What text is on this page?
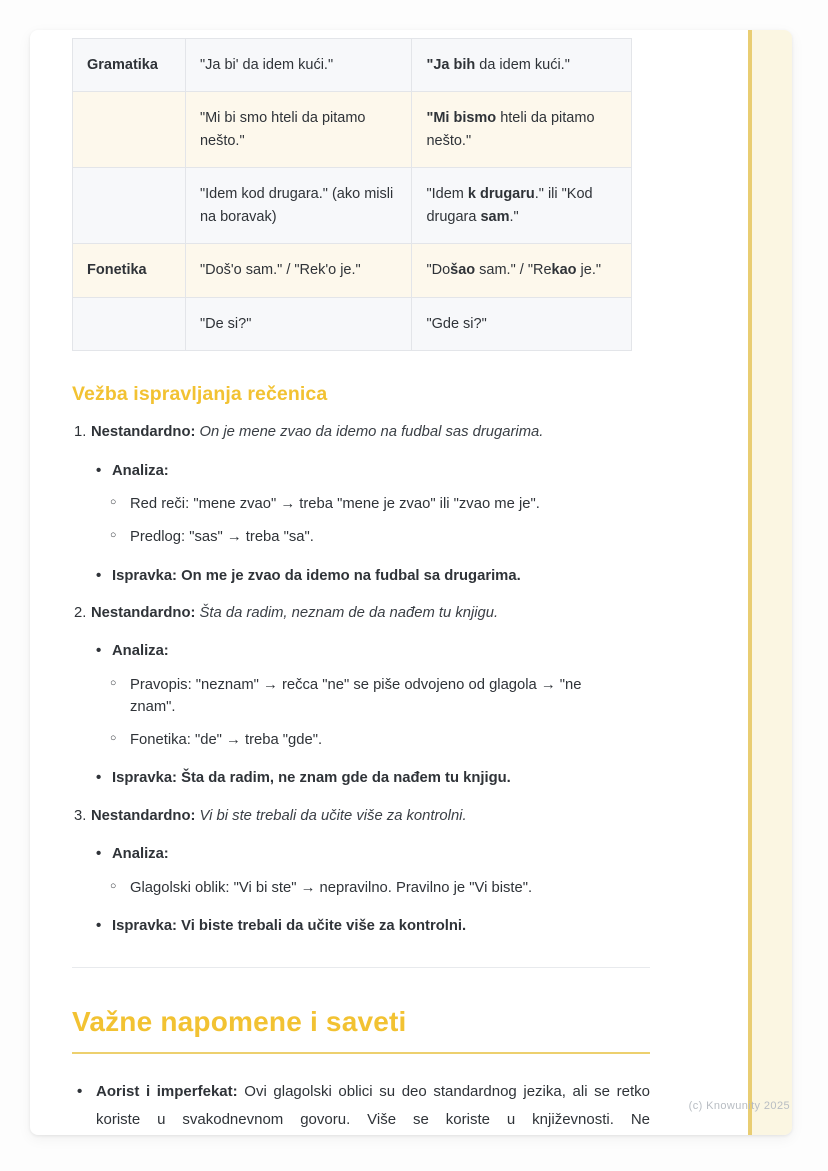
Gramatika	"Ja bi' da idem kući."	"Ja bih da idem kući."
	"Mi bi smo hteli da pitamo nešto."	"Mi bismo hteli da pitamo nešto."
	"Idem kod drugara." (ako misli na boravak)	"Idem k drugaru." ili "Kod drugara sam."
Fonetika	"Doš'o sam." / "Rek'o je."	"Došao sam." / "Rekao je."
	"De si?"	"Gde si?"
Vežba ispravljanja rečenica
1. Nestandardno: On je mene zvao da idemo na fudbal sas drugarima.
• Analiza:
○ Red reči: "mene zvao" → treba "mene je zvao" ili "zvao me je".
○ Predlog: "sas" → treba "sa".
• Ispravka: On me je zvao da idemo na fudbal sa drugarima.
2. Nestandardno: Šta da radim, neznam de da nađem tu knjigu.
• Analiza:
○ Pravopis: "neznam" → rečca "ne" se piše odvojeno od glagola → "ne znam".
○ Fonetika: "de" → treba "gde".
• Ispravka: Šta da radim, ne znam gde da nađem tu knjigu.
3. Nestandardno: Vi bi ste trebali da učite više za kontrolni.
• Analiza:
○ Glagolski oblik: "Vi bi ste" → nepravilno. Pravilno je "Vi biste".
• Ispravka: Vi biste trebali da učite više za kontrolni.
Važne napomene i saveti
• Aorist i imperfekat: Ovi glagolski oblici su deo standardnog jezika, ali se retko koriste u svakodnevnom govoru. Više se koriste u književnosti. Ne
(c) Knowunity 2025
